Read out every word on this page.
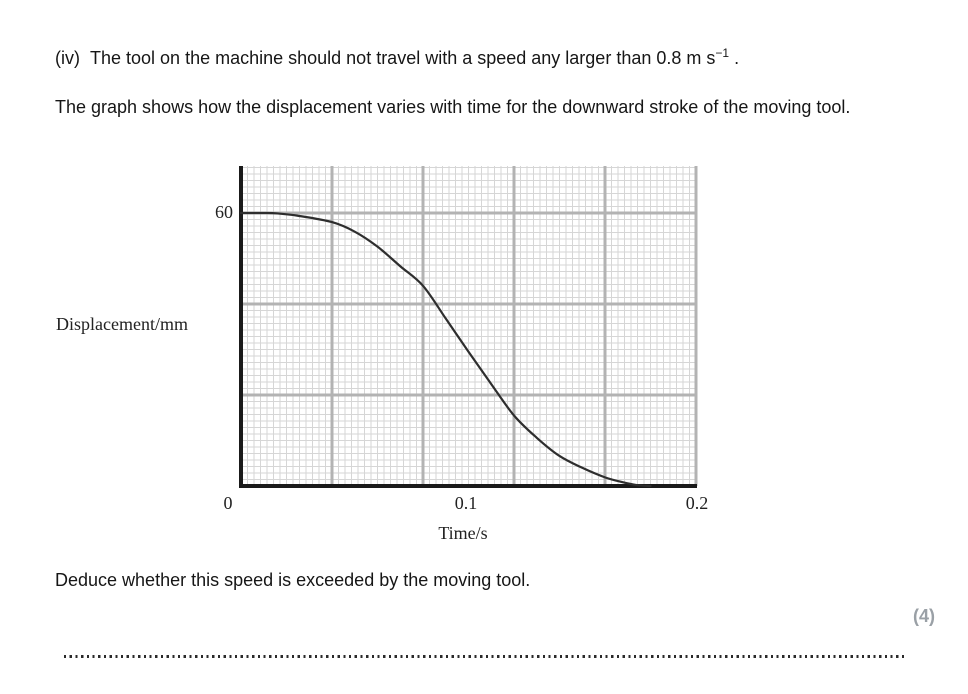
(iv) The tool on the machine should not travel with a speed any larger than 0.8 m $s^{-1}$ .
The graph shows how the displacement varies with time for the downward stroke of the moving tool.
Displacement/mm
60
0	0.1	0.2
Time/s
Deduce whether this speed is exceeded by the moving tool.
(4)
